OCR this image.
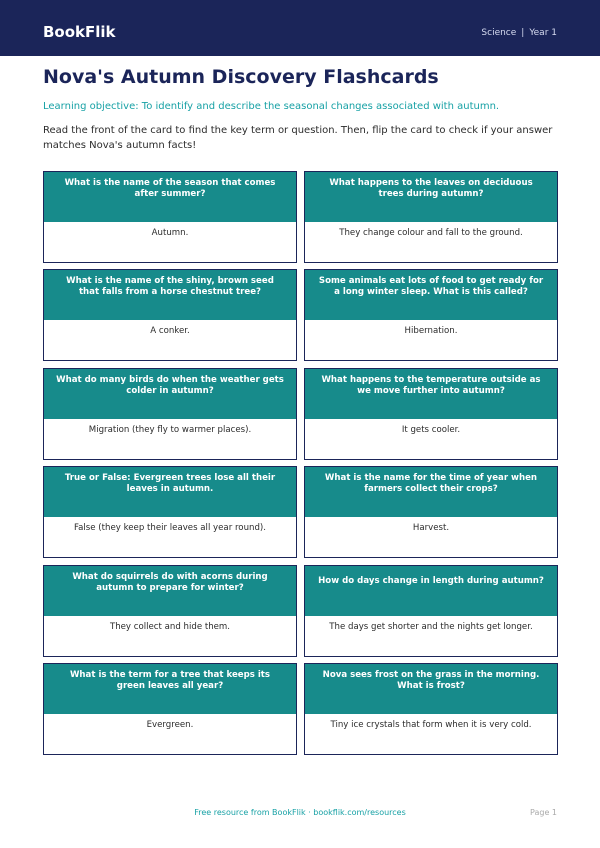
BookFlik	Science | Year 1
Nova's Autumn Discovery Flashcards
Learning objective: To identify and describe the seasonal changes associated with autumn.
Read the front of the card to find the key term or question. Then, flip the card to check if your answer matches Nova's autumn facts!
What is the name of the season that comes after summer?
Autumn.
What happens to the leaves on deciduous trees during autumn?
They change colour and fall to the ground.
What is the name of the shiny, brown seed that falls from a horse chestnut tree?
A conker.
Some animals eat lots of food to get ready for a long winter sleep. What is this called?
Hibernation.
What do many birds do when the weather gets colder in autumn?
Migration (they fly to warmer places).
What happens to the temperature outside as we move further into autumn?
It gets cooler.
True or False: Evergreen trees lose all their leaves in autumn.
False (they keep their leaves all year round).
What is the name for the time of year when farmers collect their crops?
Harvest.
What do squirrels do with acorns during autumn to prepare for winter?
They collect and hide them.
How do days change in length during autumn?
The days get shorter and the nights get longer.
What is the term for a tree that keeps its green leaves all year?
Evergreen.
Nova sees frost on the grass in the morning. What is frost?
Tiny ice crystals that form when it is very cold.
Free resource from BookFlik · bookflik.com/resources	Page 1
